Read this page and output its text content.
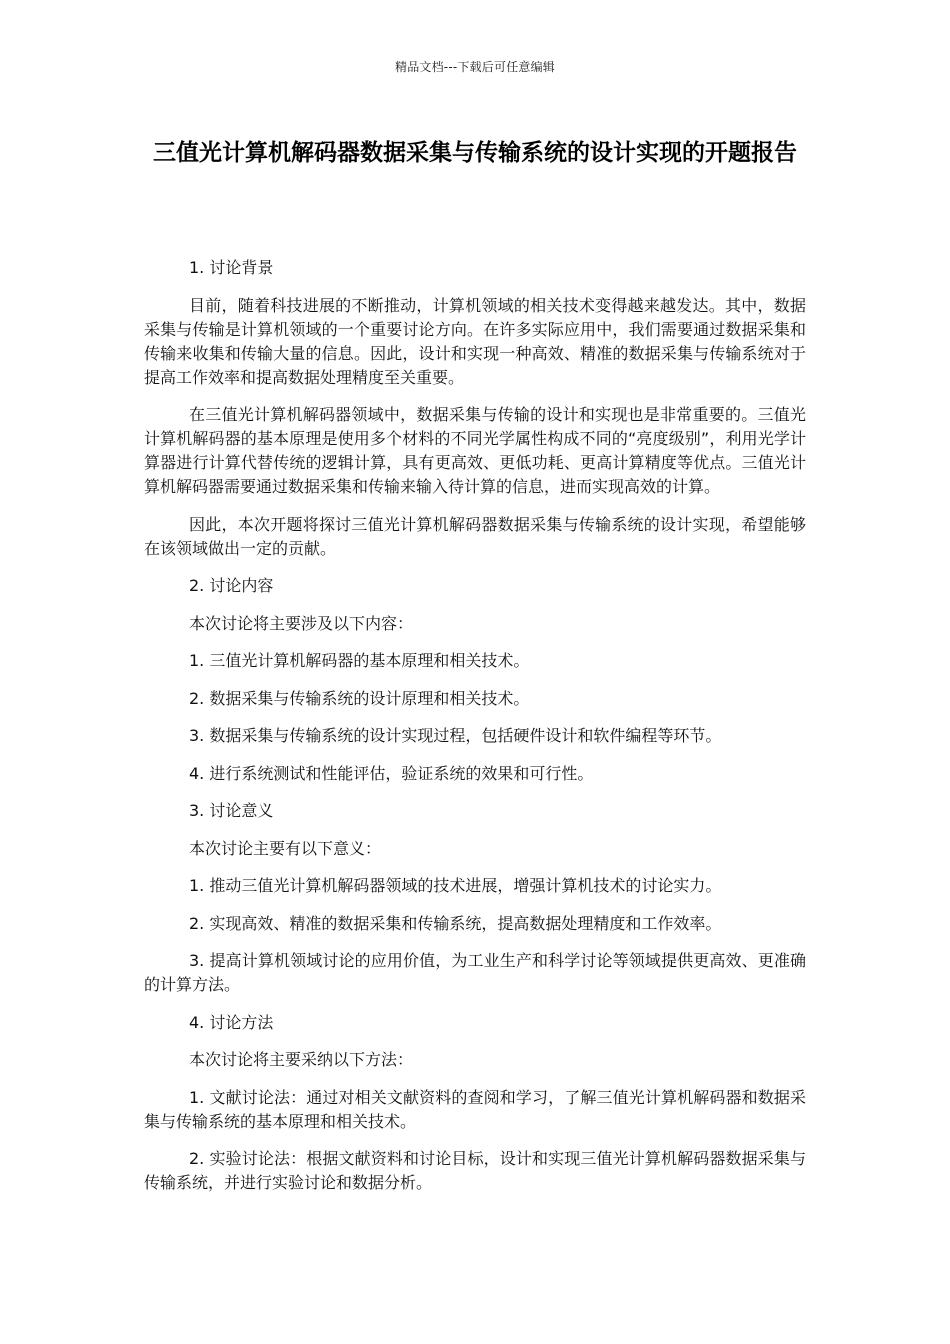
精品文档---下载后可任意编辑
三值光计算机解码器数据采集与传输系统的设计实现的开题报告

1. 讨论背景

目前，随着科技进展的不断推动，计算机领域的相关技术变得越来越发达。其中，数据采集与传输是计算机领域的一个重要讨论方向。在许多实际应用中，我们需要通过数据采集和传输来收集和传输大量的信息。因此，设计和实现一种高效、精准的数据采集与传输系统对于提高工作效率和提高数据处理精度至关重要。

在三值光计算机解码器领域中，数据采集与传输的设计和实现也是非常重要的。三值光计算机解码器的基本原理是使用多个材料的不同光学属性构成不同的“亮度级别”，利用光学计算器进行计算代替传统的逻辑计算，具有更高效、更低功耗、更高计算精度等优点。三值光计算机解码器需要通过数据采集和传输来输入待计算的信息，进而实现高效的计算。

因此，本次开题将探讨三值光计算机解码器数据采集与传输系统的设计实现，希望能够在该领域做出一定的贡献。

2. 讨论内容

本次讨论将主要涉及以下内容：

1. 三值光计算机解码器的基本原理和相关技术。

2. 数据采集与传输系统的设计原理和相关技术。

3. 数据采集与传输系统的设计实现过程，包括硬件设计和软件编程等环节。

4. 进行系统测试和性能评估，验证系统的效果和可行性。

3. 讨论意义

本次讨论主要有以下意义：

1. 推动三值光计算机解码器领域的技术进展，增强计算机技术的讨论实力。

2. 实现高效、精准的数据采集和传输系统，提高数据处理精度和工作效率。

3. 提高计算机领域讨论的应用价值，为工业生产和科学讨论等领域提供更高效、更准确的计算方法。

4. 讨论方法

本次讨论将主要采纳以下方法：

1. 文献讨论法：通过对相关文献资料的查阅和学习，了解三值光计算机解码器和数据采集与传输系统的基本原理和相关技术。

2. 实验讨论法：根据文献资料和讨论目标，设计和实现三值光计算机解码器数据采集与传输系统，并进行实验讨论和数据分析。
